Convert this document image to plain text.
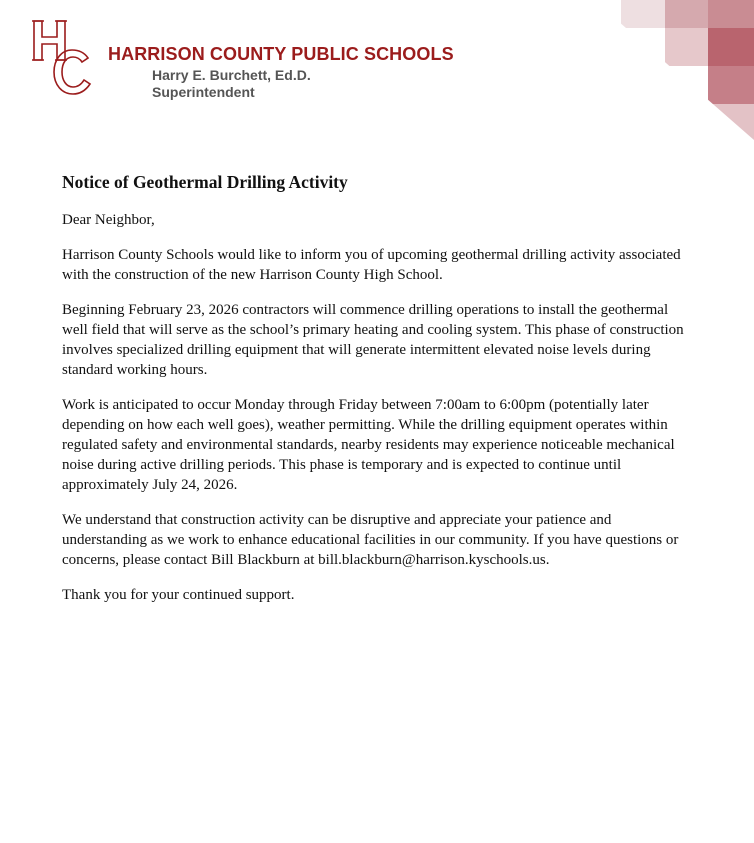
HARRISON COUNTY PUBLIC SCHOOLS
Harry E. Burchett, Ed.D.
Superintendent
Notice of Geothermal Drilling Activity

Dear Neighbor,

Harrison County Schools would like to inform you of upcoming geothermal drilling activity associated with the construction of the new Harrison County High School.

Beginning February 23, 2026 contractors will commence drilling operations to install the geothermal well field that will serve as the school’s primary heating and cooling system. This phase of construction involves specialized drilling equipment that will generate intermittent elevated noise levels during standard working hours.

Work is anticipated to occur Monday through Friday between 7:00am to 6:00pm (potentially later depending on how each well goes), weather permitting. While the drilling equipment operates within regulated safety and environmental standards, nearby residents may experience noticeable mechanical noise during active drilling periods. This phase is temporary and is expected to continue until approximately July 24, 2026.

We understand that construction activity can be disruptive and appreciate your patience and understanding as we work to enhance educational facilities in our community. If you have questions or concerns, please contact Bill Blackburn at bill.blackburn@harrison.kyschools.us.

Thank you for your continued support.
